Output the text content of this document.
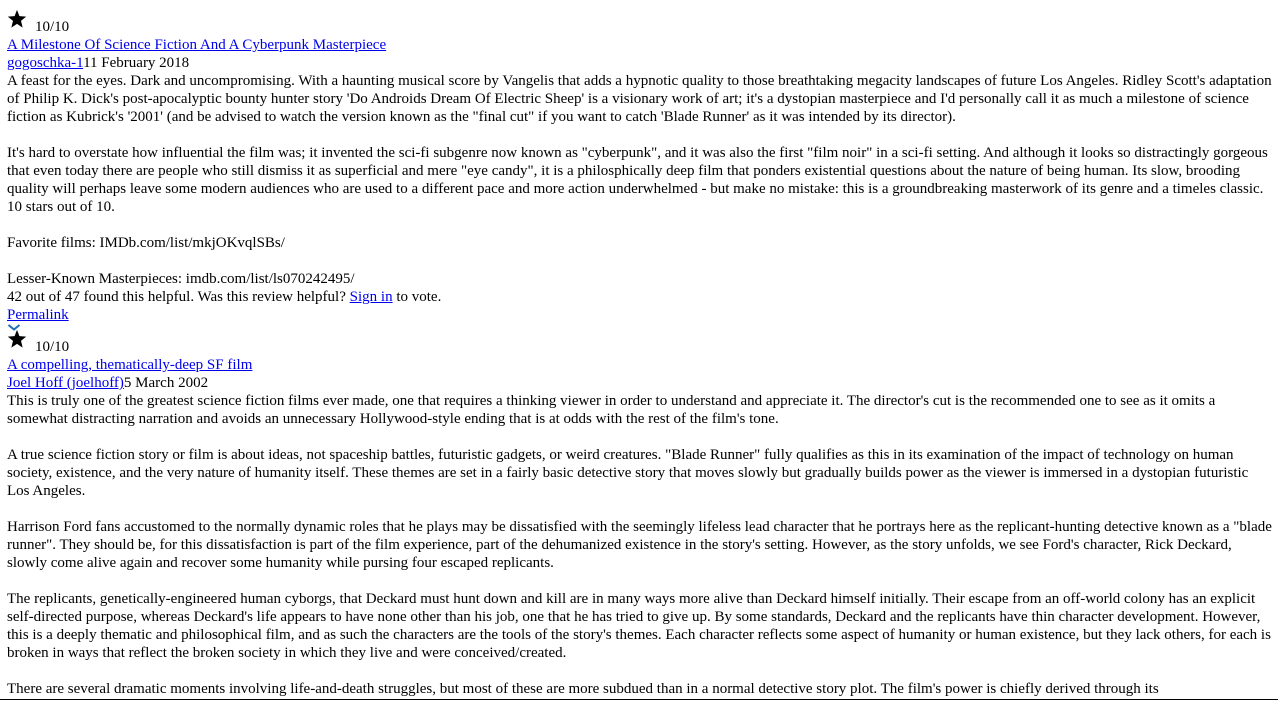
10/10
A Milestone Of Science Fiction And A Cyberpunk Masterpiece
gogoschka-111 February 2018

A feast for the eyes. Dark and uncompromising. With a haunting musical score by Vangelis that adds a hypnotic quality to those breathtaking megacity landscapes of future Los Angeles. Ridley Scott's adaptation of Philip K. Dick's post-apocalyptic bounty hunter story 'Do Androids Dream Of Electric Sheep' is a visionary work of art; it's a dystopian masterpiece and I'd personally call it as much a milestone of science fiction as Kubrick's '2001' (and be advised to watch the version known as the "final cut" if you want to catch 'Blade Runner' as it was intended by its director).

It's hard to overstate how influential the film was; it invented the sci-fi subgenre now known as "cyberpunk", and it was also the first "film noir" in a sci-fi setting. And although it looks so distractingly gorgeous that even today there are people who still dismiss it as superficial and mere "eye candy", it is a philosphically deep film that ponders existential questions about the nature of being human. Its slow, brooding quality will perhaps leave some modern audiences who are used to a different pace and more action underwhelmed - but make no mistake: this is a groundbreaking masterwork of its genre and a timeles classic. 10 stars out of 10.

Favorite films: IMDb.com/list/mkjOKvqlSBs/

Lesser-Known Masterpieces: imdb.com/list/ls070242495/

42 out of 47 found this helpful. Was this review helpful? Sign in to vote.
Permalink
10/10
A compelling, thematically-deep SF film
Joel Hoff (joelhoff)5 March 2002

This is truly one of the greatest science fiction films ever made, one that requires a thinking viewer in order to understand and appreciate it. The director's cut is the recommended one to see as it omits a somewhat distracting narration and avoids an unnecessary Hollywood-style ending that is at odds with the rest of the film's tone.

A true science fiction story or film is about ideas, not spaceship battles, futuristic gadgets, or weird creatures. "Blade Runner" fully qualifies as this in its examination of the impact of technology on human society, existence, and the very nature of humanity itself. These themes are set in a fairly basic detective story that moves slowly but gradually builds power as the viewer is immersed in a dystopian futuristic Los Angeles.

Harrison Ford fans accustomed to the normally dynamic roles that he plays may be dissatisfied with the seemingly lifeless lead character that he portrays here as the replicant-hunting detective known as a "blade runner". They should be, for this dissatisfaction is part of the film experience, part of the dehumanized existence in the story's setting. However, as the story unfolds, we see Ford's character, Rick Deckard, slowly come alive again and recover some humanity while pursing four escaped replicants.

The replicants, genetically-engineered human cyborgs, that Deckard must hunt down and kill are in many ways more alive than Deckard himself initially. Their escape from an off-world colony has an explicit self-directed purpose, whereas Deckard's life appears to have none other than his job, one that he has tried to give up. By some standards, Deckard and the replicants have thin character development. However, this is a deeply thematic and philosophical film, and as such the characters are the tools of the story's themes. Each character reflects some aspect of humanity or human existence, but they lack others, for each is broken in ways that reflect the broken society in which they live and were conceived/created.

There are several dramatic moments involving life-and-death struggles, but most of these are more subdued than in a normal detective story plot. The film's power is chiefly derived through its
